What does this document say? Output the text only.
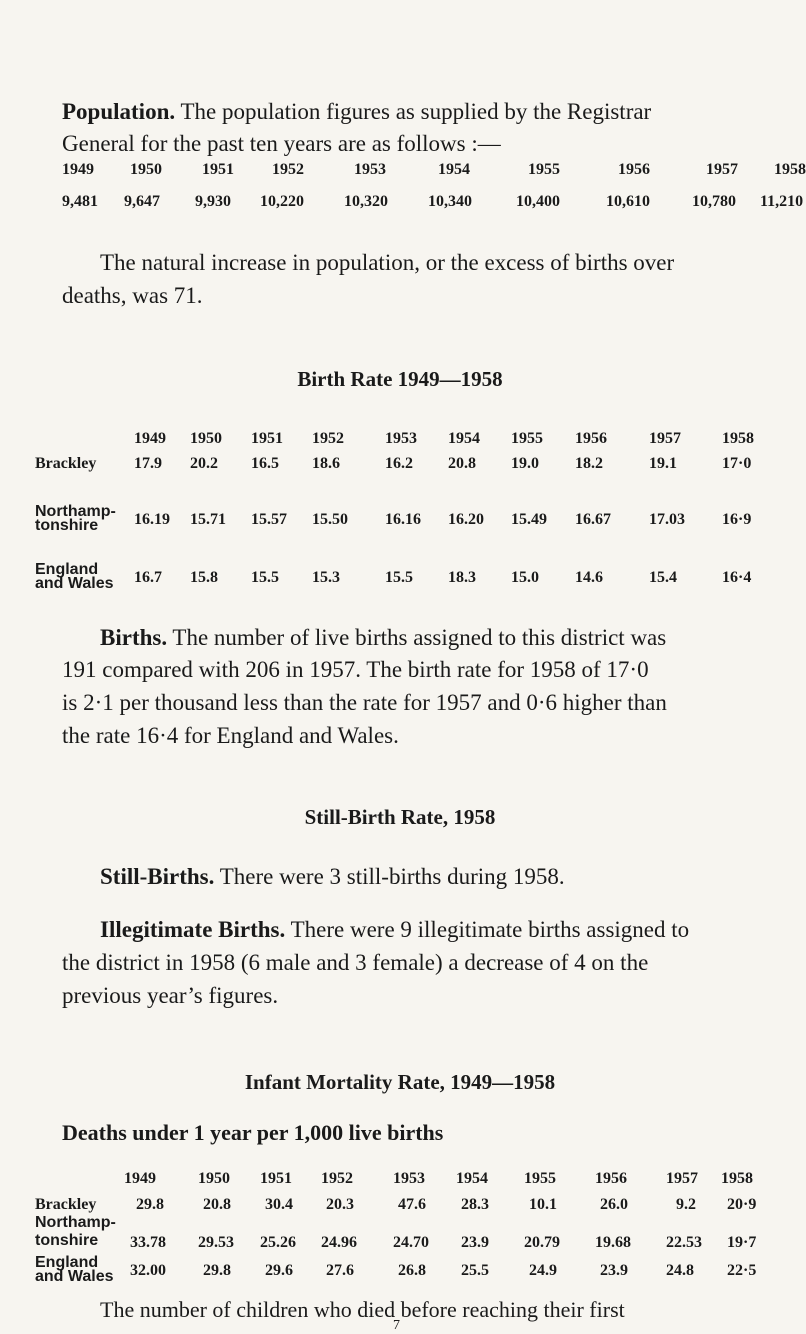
Population. The population figures as supplied by the Registrar
General for the past ten years are as follows :—
1949 1950	1951 1952	1953	1954	1955	1956	1957 1958
9,481 9,647 9,930 10,220	10,320	10,340	10,400	10,610	10,780 11,210
The natural increase in population, or the excess of births over
deaths, was 71.
Birth Rate 1949—1958
1949 1950 1951 1952	1953 1954 1955 1956	1957	1958
Brackley 17.9 20.2 16.5 18.6	16.2 20.8 19.0 18.2	19.1	17·0
Northamp-
tonshire	16.19 15.71 15.57 15.50 16.16 16.20 15.49 16.67 17.03 16·9
England
and Wales 16.7 15.8 15.5 15.3	15.5 18.3 15.0 14.6	15.4	16·4
Births. The number of live births assigned to this district was
191 compared with 206 in 1957. The birth rate for 1958 of 17·0
is 2·1 per thousand less than the rate for 1957 and 0·6 higher than
the rate 16·4 for England and Wales.
Still-Birth Rate, 1958
Still-Births. There were 3 still-births during 1958.
Illegitimate Births. There were 9 illegitimate births assigned to
the district in 1958 (6 male and 3 female) a decrease of 4 on the
previous year’s figures.
Infant Mortality Rate, 1949—1958
Deaths under 1 year per 1,000 live births
1949	1950 1951 1952	1953 1954 1955 1956 1957 1958
Brackley 29.8 20.8 30.4 20.3	47.6 28.3	10.1	26.0	9.2 20·9
Northamp-
tonshire	33.78 29.53 25.26 24.96 24.70 23.9 20.79 19.68 22.53 19·7
England
and Wales 32.00 29.8 29.6 27.6	26.8 25.5	24.9	23.9 24.8 22·5
The number of children who died before reaching their first
7
